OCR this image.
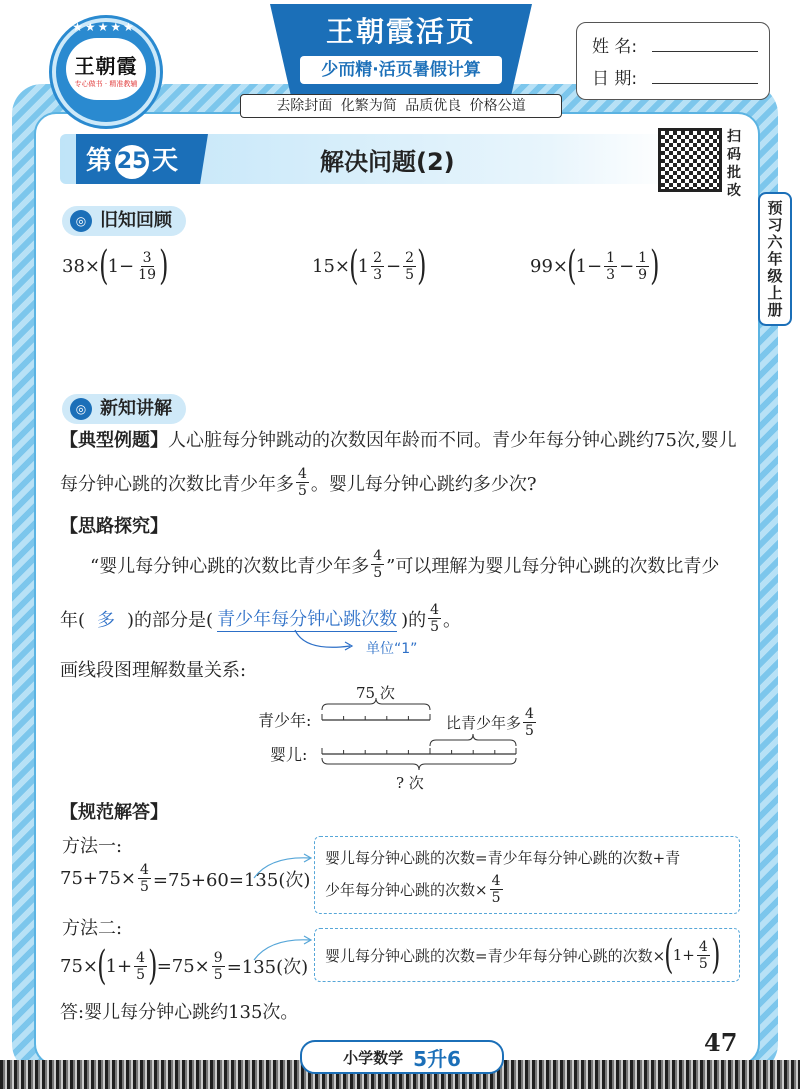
★★★★★
王朝霞
专心做书 · 精准教辅
王朝霞活页
少而精·活页暑假计算
去除封面 化繁为简 品质优良 价格公道
姓 名:
日 期:
第 25 天	解决问题(2)
扫
码
批
改
预
习
六
年
级
上
册
◎ 旧知回顾
38× ( $1- \frac{3}{19}$ )	15× ( $1 \frac{2}{3} - \frac{2}{5}$ )	99× ( $1- \frac{1}{3} - \frac{1}{9}$ )
◎ 新知讲解
【典型例题】人心脏每分钟跳动的次数因年龄而不同。青少年每分钟心跳约75次,婴儿
每分钟心跳的次数比青少年多 $\frac{4}{5}$ 。婴儿每分钟心跳约多少次?
【思路探究】
“婴儿每分钟心跳的次数比青少年多 $\frac{4}{5}$ ”可以理解为婴儿每分钟心跳的次数比青少
年( 多 )的部分是( 青少年每分钟心跳次数 )的 $\frac{4}{5}$ 。
单位“1”
画线段图理解数量关系:
75 次
青少年:
婴儿:
比青少年多 $\frac{4}{5}$
? 次
【规范解答】
方法一:
$75+75\times \frac{4}{5} =75+60=135$(次)
婴儿每分钟心跳的次数=青少年每分钟心跳的次数+青
少年每分钟心跳的次数× $\frac{4}{5}$
方法二:
75× ( $1+ \frac{4}{5}$ ) $=75\times \frac{9}{5} =135$(次)
婴儿每分钟心跳的次数=青少年每分钟心跳的次数× ( $1+ \frac{4}{5}$ )
答:婴儿每分钟心跳约135次。
小学数学 5升6
47
